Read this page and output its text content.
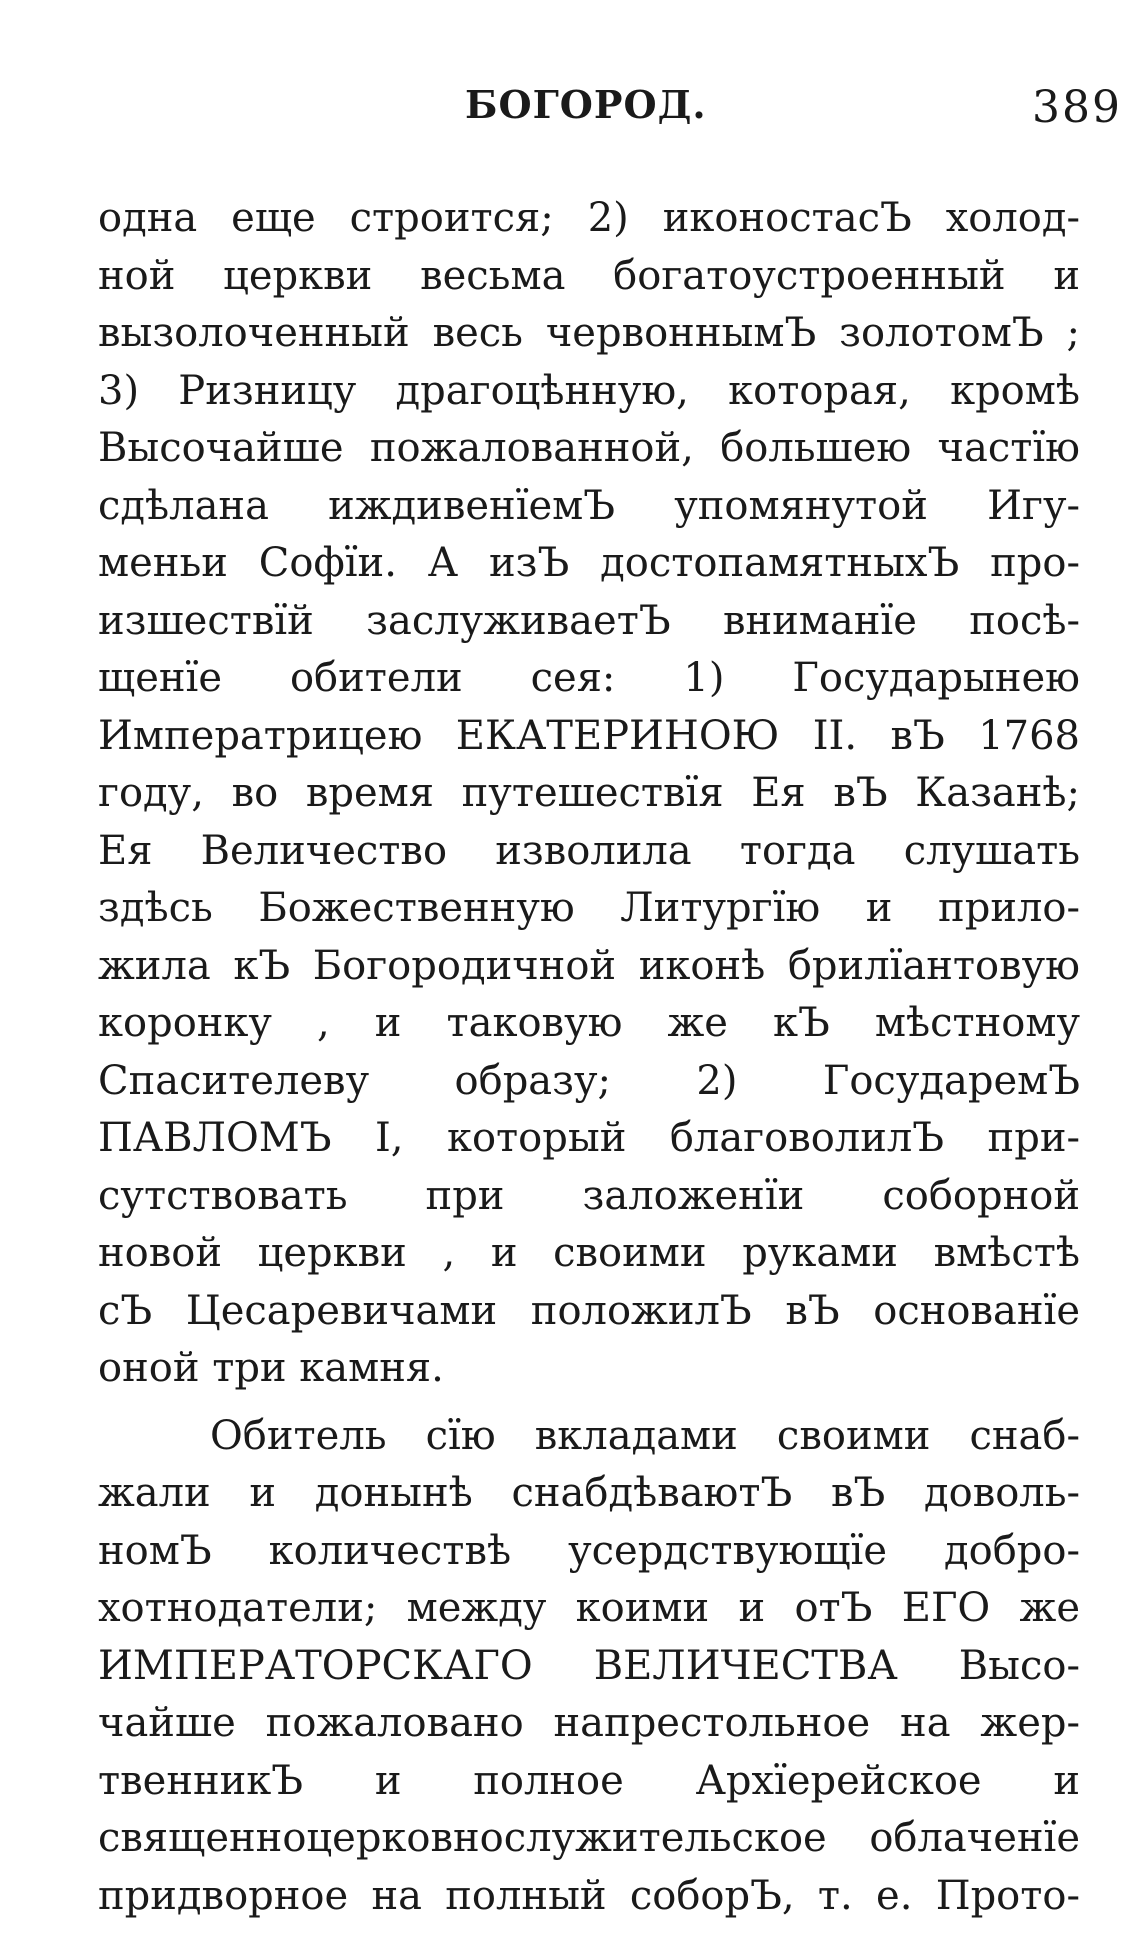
БОГОРОД.	389
одна еще строится; 2) иконостасЪ холод-
ной церкви весьма богатоустроенный и
вызолоченный весь червоннымЪ золотомЪ ;
3) Ризницу драгоцѣнную, которая, кромѣ
Высочайше пожалованной, большею частїю
сдѣлана иждивенїемЪ упомянутой Игу-
меньи Софїи. А изЪ достопамятныхЪ про-
изшествїй заслуживаетЪ вниманїе посѣ-
щенїе обители сея: 1) Государынею
Императрицею ЕКАТЕРИНОЮ II. вЪ 1768
году, во время путешествїя Ея вЪ Казанѣ;
Ея Величество изволила тогда слушать
здѣсь Божественную Литургїю и прило-
жила кЪ Богородичной иконѣ брилїантовую
коронку , и таковую же кЪ мѣстному
Спасителеву образу; 2) ГосударемЪ
ПАВЛОМЪ I, который благоволилЪ при-
сутствовать при заложенїи соборной
новой церкви , и своими руками вмѣстѣ
сЪ Цесаревичами положилЪ вЪ основанїе
оной три камня.
Обитель сїю вкладами своими снаб-
жали и донынѣ снабдѣваютЪ вЪ доволь-
номЪ количествѣ усердствующїе добро-
хотнодатели; между коими и отЪ ЕГО же
ИМПЕРАТОРСКАГО ВЕЛИЧЕСТВА Высо-
чайше пожаловано напрестольное на жер-
твенникЪ и полное Архїерейское и
священноцерковнослужительское облаченїе
придворное на полный соборЪ, т. е. Прото-
